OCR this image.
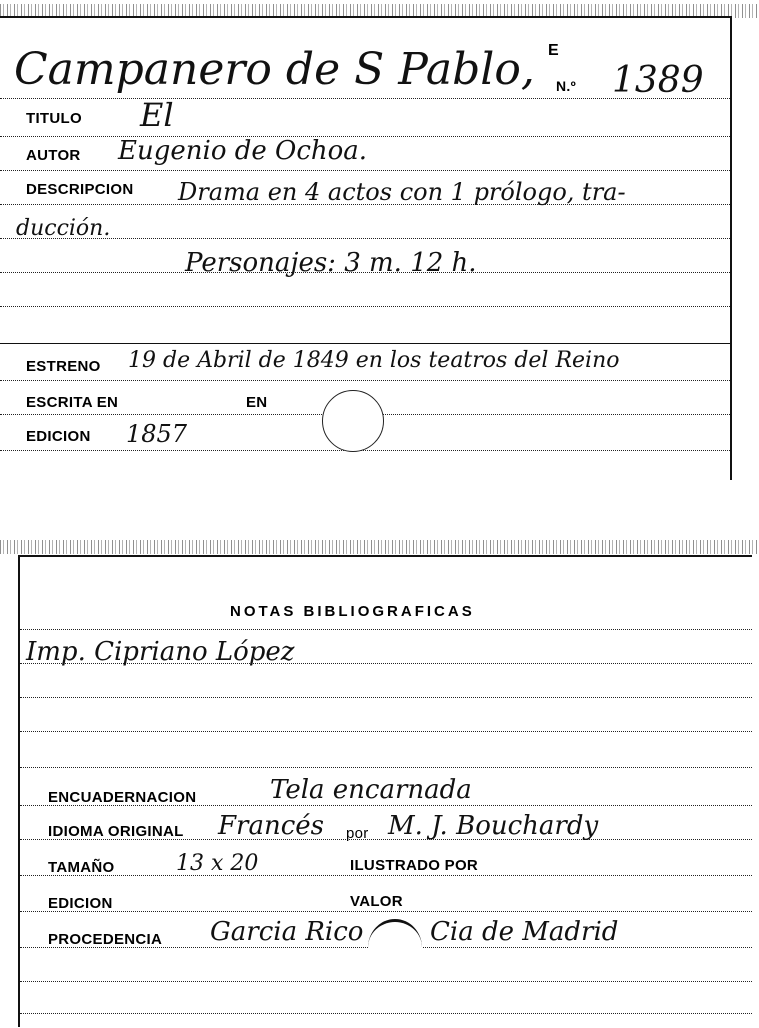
Campanero de S Pablo, E
N.º 1389
TITULO El
AUTOR Eugenio de Ochoa.
DESCRIPCION Drama en 4 actos con 1 prólogo, tra-
ducción.
Personajes: 3 m. 12 h.
ESTRENO 19 de Abril de 1849 en los teatros del Reino
ESCRITA EN	EN
EDICION 1857
NOTAS BIBLIOGRAFICAS
Imp. Cipriano López
ENCUADERNACION	Tela encarnada
IDIOMA ORIGINAL Francés por M. J. Bouchardy
TAMAÑO	13 x 20	ILUSTRADO POR
EDICION	VALOR
PROCEDENCIA Garcia Rico	Cia de Madrid
